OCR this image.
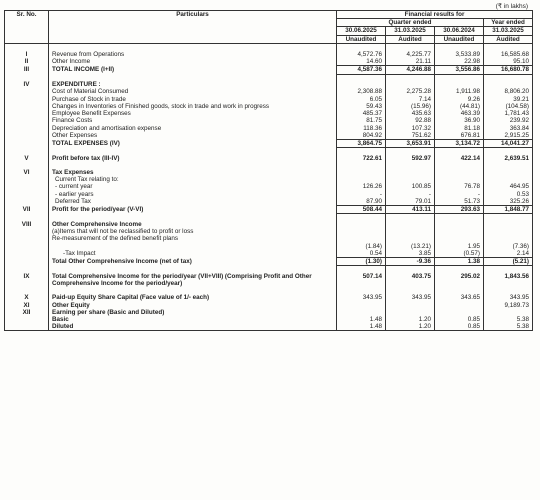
(₹ in lakhs)
Sr. No.	Particulars	Financial results for			
		Quarter ended			Year ended
		30.06.2025	31.03.2025	30.06.2024	31.03.2025
		Unaudited	Audited	Unaudited	Audited

I	Revenue from Operations	4,572.76	4,225.77	3,533.89	16,585.68
II	Other Income	14.60	21.11	22.98	95.10
III	TOTAL INCOME (I+II)	4,587.36	4,246.88	3,556.86	16,680.78

IV	EXPENDITURE :				
	Cost of Material Consumed	2,308.88	2,275.28	1,911.98	8,806.20
	Purchase of Stock in trade	6.05	7.14	9.26	39.21
	Changes in Inventories of Finished goods, stock in trade and work in progress	59.43	(15.96)	(44.81)	(104.58)
	Employee Benefit Expenses	485.37	435.63	463.39	1,781.43
	Finance Costs	81.75	92.88	36.90	239.92
	Depreciation and amortisation expense	118.36	107.32	81.18	363.84
	Other Expenses	804.92	751.62	676.81	2,915.25
	TOTAL EXPENSES (IV)	3,864.75	3,653.91	3,134.72	14,041.27

V	Profit before tax (III-IV)	722.61	592.97	422.14	2,639.51

VI	Tax Expenses				
	Current Tax relating to:				
	- current year	126.26	100.85	76.78	464.95
	- earlier years	-	-	-	0.53
	Deferred Tax	87.90	79.01	51.73	325.26
VII	Profit for the period/year (V-VI)	508.44	413.11	293.63	1,848.77

VIII	Other Comprehensive Income				
	(a)Items that will not be reclassified to profit or loss				
	Re-measurement of the defined benefit plans				
		(1.84)	(13.21)	1.95	(7.36)
	-Tax Impact	0.54	3.85	(0.57)	2.14
	Total Other Comprehensive Income (net of tax)	(1.30)	-9.36	1.38	(5.21)

IX	Total Comprehensive Income for the period/year (VII+VIII) (Comprising Profit and Other Comprehensive Income for the period/year)	507.14	403.75	295.02	1,843.56

X	Paid-up Equity Share Capital (Face value of 1/- each)	343.95	343.95	343.65	343.95
XI	Other Equity				9,189.73
XII	Earning per share (Basic and Diluted)				
	Basic	1.48	1.20	0.85	5.38
	Diluted	1.48	1.20	0.85	5.38
